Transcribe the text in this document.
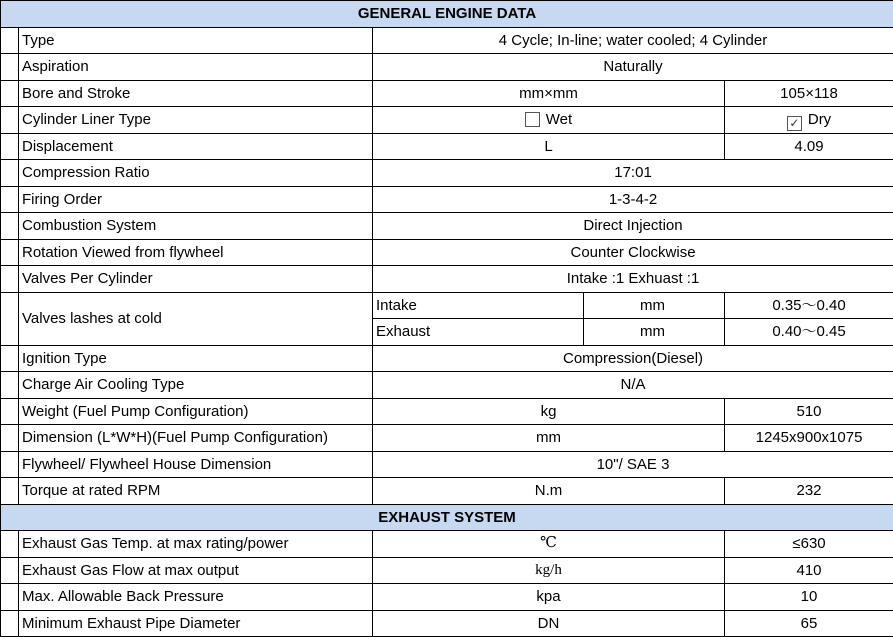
GENERAL ENGINE DATA				
	Type	4 Cycle; In-line; water cooled; 4 Cylinder		
	Aspiration	Naturally		
	Bore and Stroke	mm×mm		105×118
	Cylinder Liner Type	Wet		✓ Dry
	Displacement	L		4.09
	Compression Ratio	17:01		
	Firing Order	1-3-4-2		
	Combustion System	Direct Injection		
	Rotation Viewed from flywheel	Counter Clockwise		
	Valves Per Cylinder	Intake :1 Exhuast :1		

	Valves lashes at cold	Intake	mm	0.35～0.40
		Exhaust	mm	0.40～0.45
	Ignition Type	Compression(Diesel)		
	Charge Air Cooling Type	N/A		
	Weight (Fuel Pump Configuration)	kg		510
	Dimension (L*W*H)(Fuel Pump Configuration)	mm		1245x900x1075
	Flywheel/ Flywheel House Dimension	10"/ SAE 3		
	Torque at rated RPM	N.m		232
EXHAUST SYSTEM				
	Exhaust Gas Temp. at max rating/power	℃		≤630
	Exhaust Gas Flow at max output	kg/h		410
	Max. Allowable Back Pressure	kpa		10
	Minimum Exhaust Pipe Diameter	DN		65
